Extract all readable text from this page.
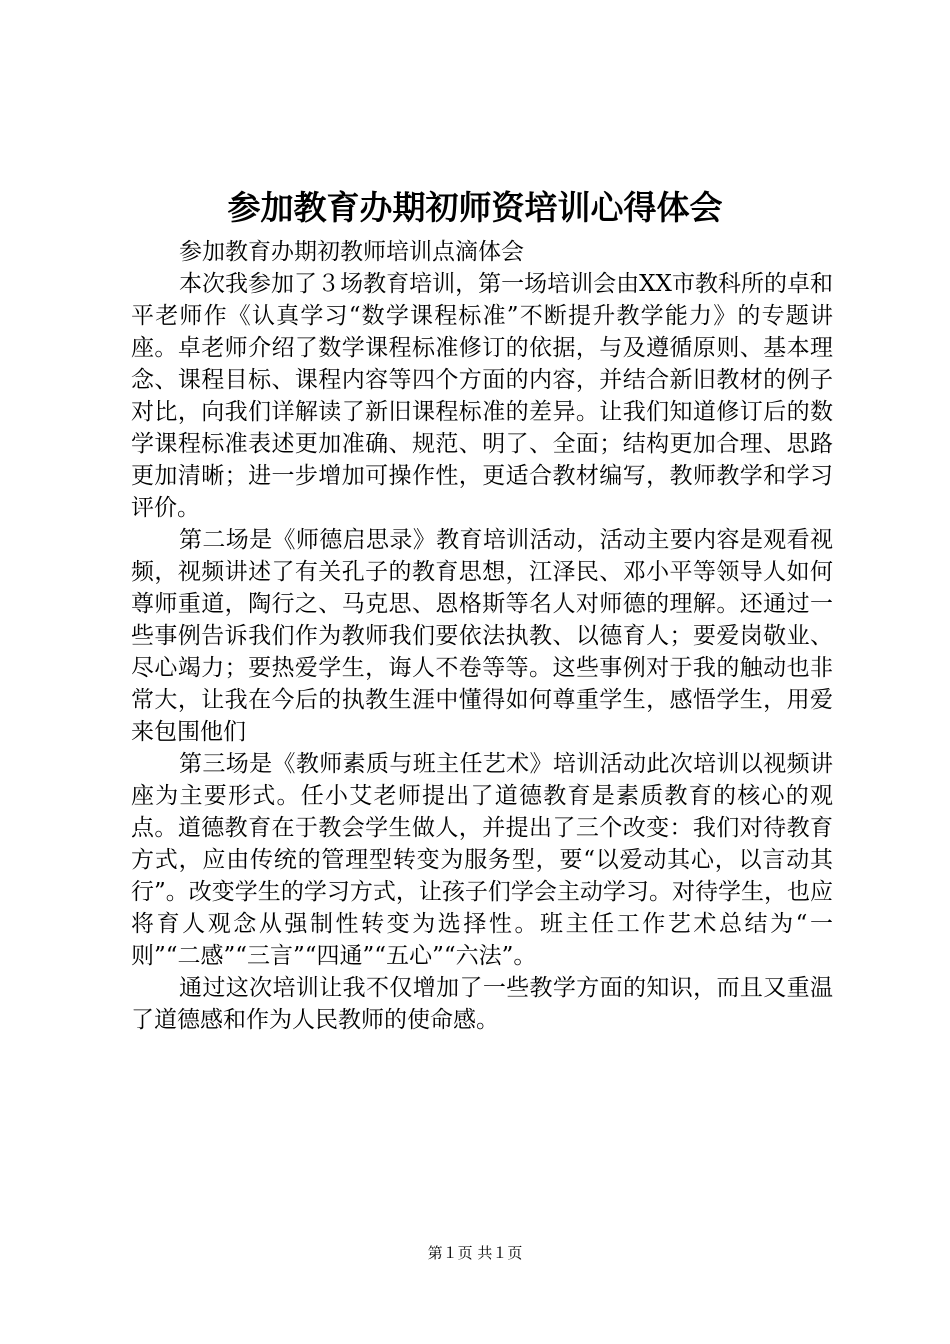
参加教育办期初师资培训心得体会

参加教育办期初教师培训点滴体会

本次我参加了３场教育培训，第一场培训会由XX市教科所的卓和平老师作《认真学习“数学课程标准”不断提升教学能力》的专题讲座。卓老师介绍了数学课程标准修订的依据，与及遵循原则、基本理念、课程目标、课程内容等四个方面的内容，并结合新旧教材的例子对比，向我们详解读了新旧课程标准的差异。让我们知道修订后的数学课程标准表述更加准确、规范、明了、全面；结构更加合理、思路更加清晰；进一步增加可操作性，更适合教材编写，教师教学和学习评价。

第二场是《师德启思录》教育培训活动，活动主要内容是观看视频，视频讲述了有关孔子的教育思想，江泽民、邓小平等领导人如何尊师重道，陶行之、马克思、恩格斯等名人对师德的理解。还通过一些事例告诉我们作为教师我们要依法执教、以德育人；要爱岗敬业、尽心竭力；要热爱学生，诲人不卷等等。这些事例对于我的触动也非常大，让我在今后的执教生涯中懂得如何尊重学生，感悟学生，用爱来包围他们

第三场是《教师素质与班主任艺术》培训活动此次培训以视频讲座为主要形式。任小艾老师提出了道德教育是素质教育的核心的观点。道德教育在于教会学生做人，并提出了三个改变：我们对待教育方式，应由传统的管理型转变为服务型，要“以爱动其心，以言动其行”。改变学生的学习方式，让孩子们学会主动学习。对待学生，也应将育人观念从强制性转变为选择性。班主任工作艺术总结为“一则”“二感”“三言”“四通”“五心”“六法”。

通过这次培训让我不仅增加了一些教学方面的知识，而且又重温了道德感和作为人民教师的使命感。

第１页 共１页
